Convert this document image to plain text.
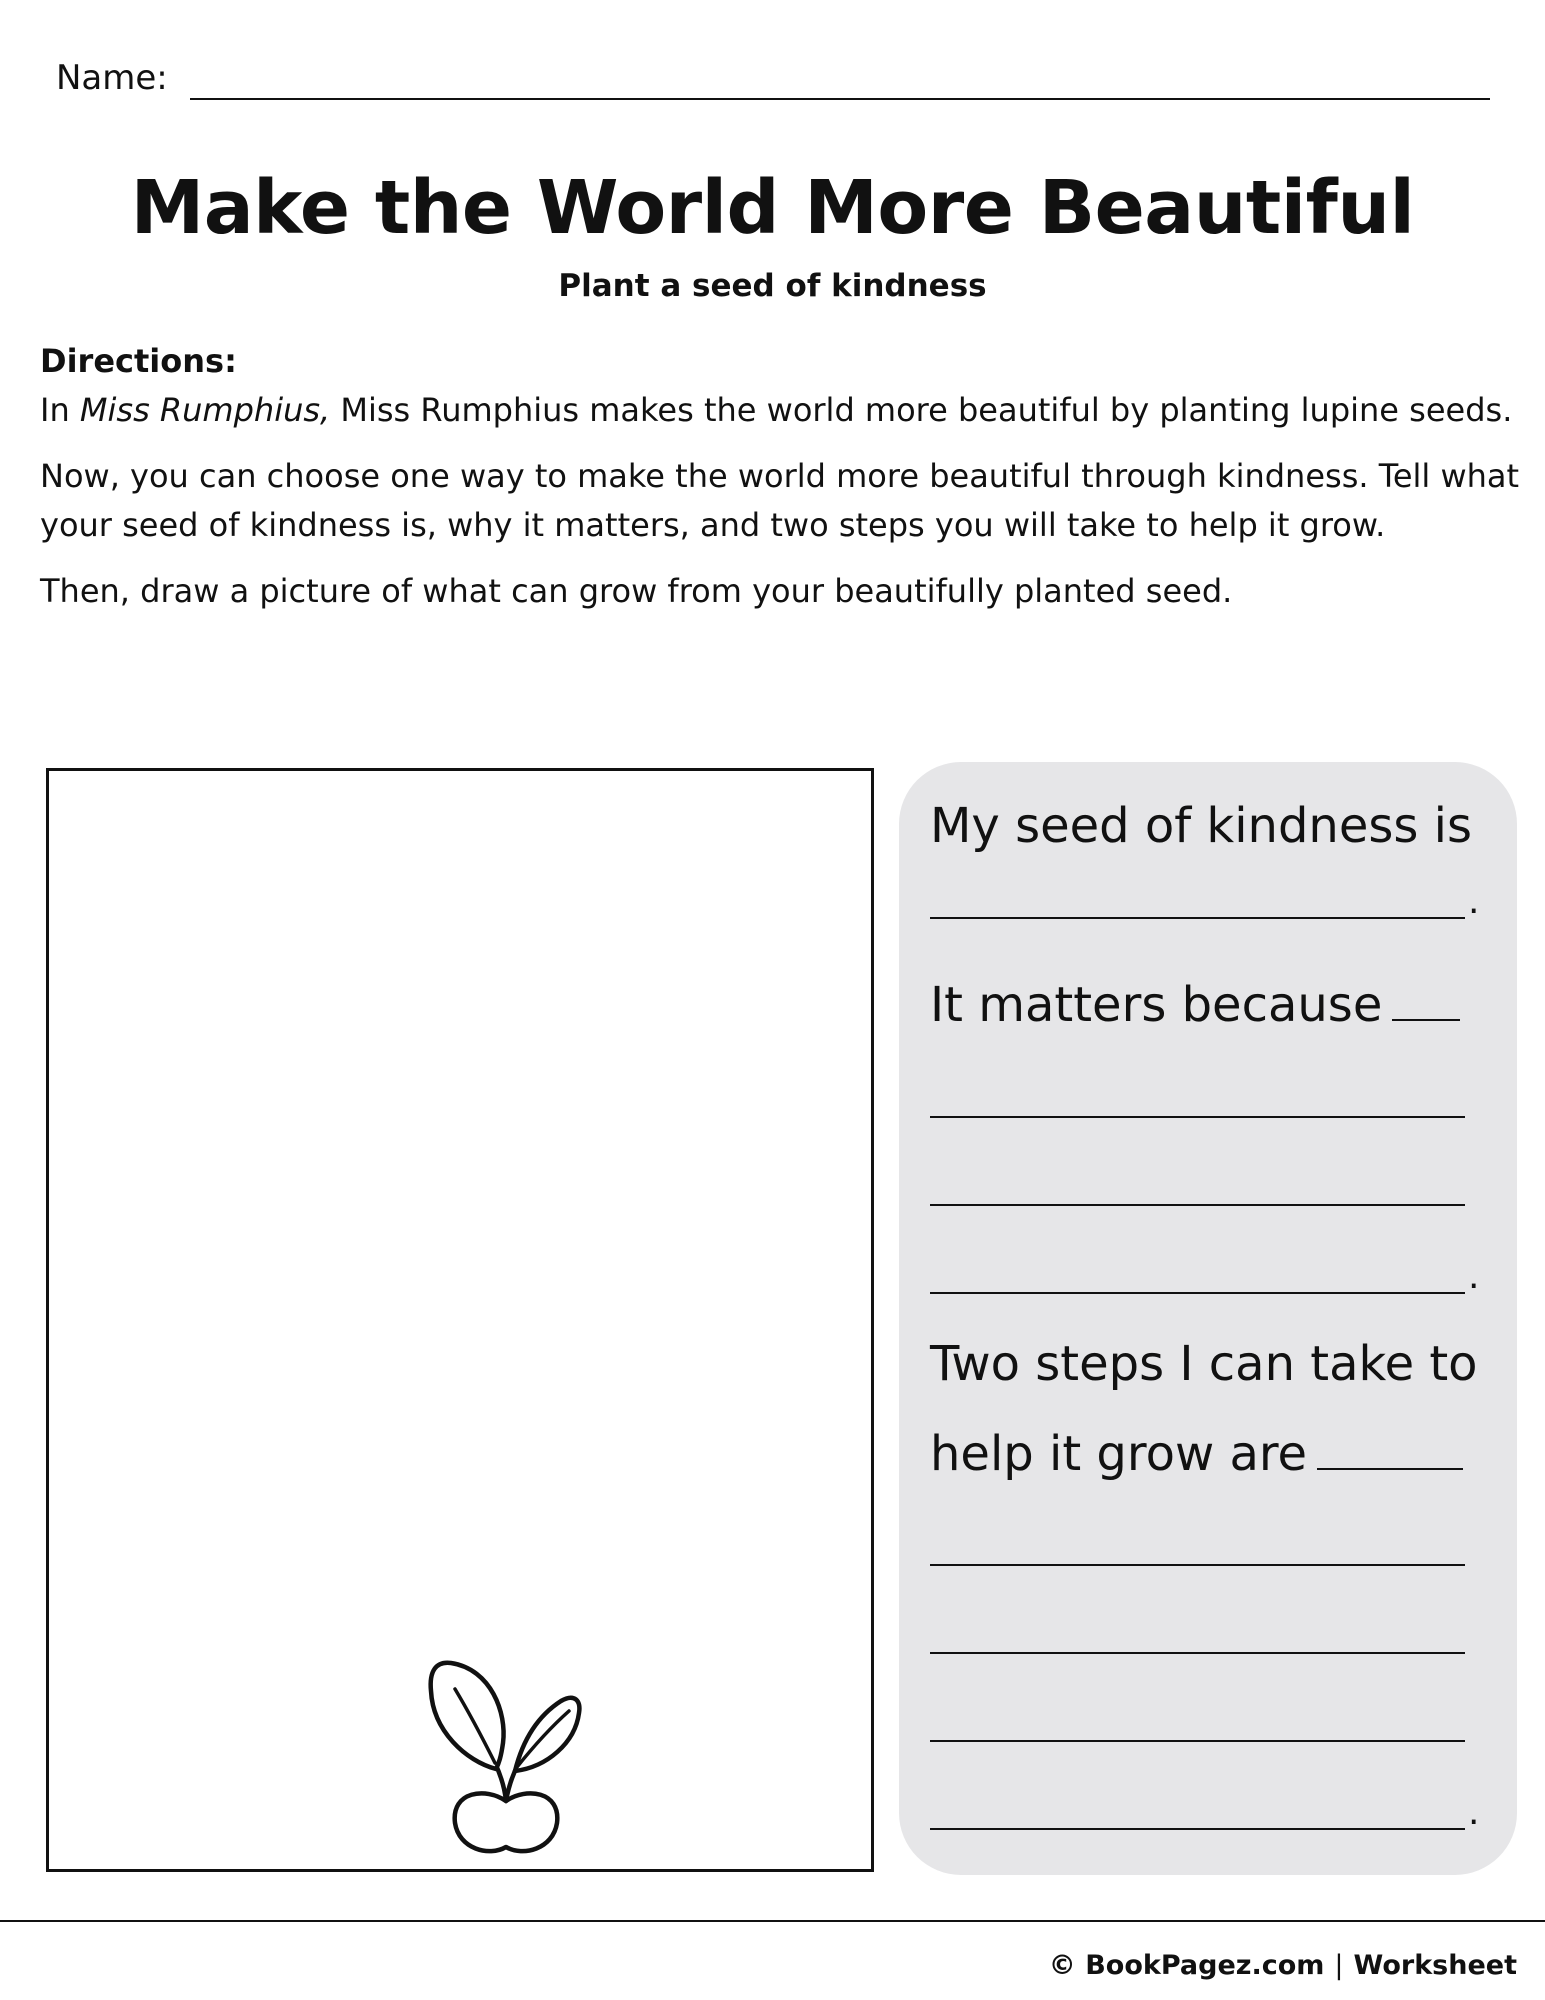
Name:
Make the World More Beautiful
Plant a seed of kindness

Directions:

In Miss Rumphius, Miss Rumphius makes the world more beautiful by planting lupine seeds.

Now, you can choose one way to make the world more beautiful through kindness. Tell what your seed of kindness is, why it matters, and two steps you will take to help it grow.

Then, draw a picture of what can grow from your beautifully planted seed.

My seed of kindness is
.
It matters because
.
Two steps I can take to
help it grow are
.
© BookPagez.com | Worksheet
